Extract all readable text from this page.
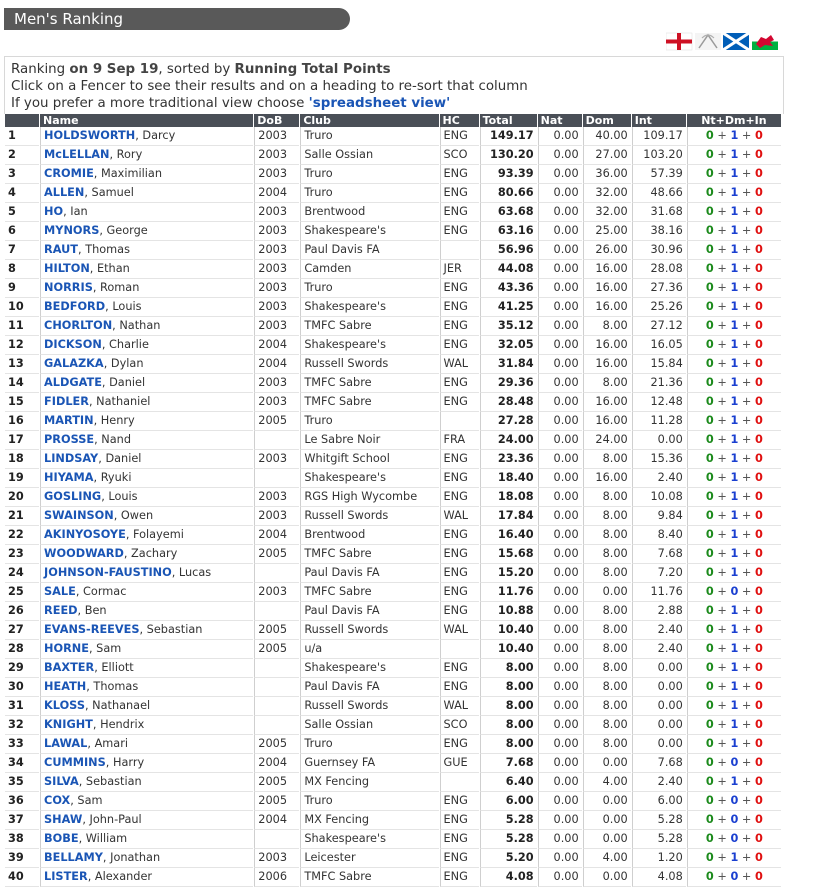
Men's Ranking
Ranking on 9 Sep 19, sorted by Running Total Points
Click on a Fencer to see their results and on a heading to re-sort that column
If you prefer a more traditional view choose 'spreadsheet view'
	Name	DoB	Club	HC	Total	Nat	Dom	Int	Nt+Dm+In
1	HOLDSWORTH, Darcy	2003	Truro	ENG	149.17	0.00	40.00	109.17	0 + 1 + 0
2	McLELLAN, Rory	2003	Salle Ossian	SCO	130.20	0.00	27.00	103.20	0 + 1 + 0
3	CROMIE, Maximilian	2003	Truro	ENG	93.39	0.00	36.00	57.39	0 + 1 + 0
4	ALLEN, Samuel	2004	Truro	ENG	80.66	0.00	32.00	48.66	0 + 1 + 0
5	HO, Ian	2003	Brentwood	ENG	63.68	0.00	32.00	31.68	0 + 1 + 0
6	MYNORS, George	2003	Shakespeare's	ENG	63.16	0.00	25.00	38.16	0 + 1 + 0
7	RAUT, Thomas	2003	Paul Davis FA		56.96	0.00	26.00	30.96	0 + 1 + 0
8	HILTON, Ethan	2003	Camden	JER	44.08	0.00	16.00	28.08	0 + 1 + 0
9	NORRIS, Roman	2003	Truro	ENG	43.36	0.00	16.00	27.36	0 + 1 + 0
10	BEDFORD, Louis	2003	Shakespeare's	ENG	41.25	0.00	16.00	25.26	0 + 1 + 0
11	CHORLTON, Nathan	2003	TMFC Sabre	ENG	35.12	0.00	8.00	27.12	0 + 1 + 0
12	DICKSON, Charlie	2004	Shakespeare's	ENG	32.05	0.00	16.00	16.05	0 + 1 + 0
13	GALAZKA, Dylan	2004	Russell Swords	WAL	31.84	0.00	16.00	15.84	0 + 1 + 0
14	ALDGATE, Daniel	2003	TMFC Sabre	ENG	29.36	0.00	8.00	21.36	0 + 1 + 0
15	FIDLER, Nathaniel	2003	TMFC Sabre	ENG	28.48	0.00	16.00	12.48	0 + 1 + 0
16	MARTIN, Henry	2005	Truro		27.28	0.00	16.00	11.28	0 + 1 + 0
17	PROSSE, Nand		Le Sabre Noir	FRA	24.00	0.00	24.00	0.00	0 + 1 + 0
18	LINDSAY, Daniel	2003	Whitgift School	ENG	23.36	0.00	8.00	15.36	0 + 1 + 0
19	HIYAMA, Ryuki		Shakespeare's	ENG	18.40	0.00	16.00	2.40	0 + 1 + 0
20	GOSLING, Louis	2003	RGS High Wycombe	ENG	18.08	0.00	8.00	10.08	0 + 1 + 0
21	SWAINSON, Owen	2003	Russell Swords	WAL	17.84	0.00	8.00	9.84	0 + 1 + 0
22	AKINYOSOYE, Folayemi	2004	Brentwood	ENG	16.40	0.00	8.00	8.40	0 + 1 + 0
23	WOODWARD, Zachary	2005	TMFC Sabre	ENG	15.68	0.00	8.00	7.68	0 + 1 + 0
24	JOHNSON-FAUSTINO, Lucas		Paul Davis FA	ENG	15.20	0.00	8.00	7.20	0 + 1 + 0
25	SALE, Cormac	2003	TMFC Sabre	ENG	11.76	0.00	0.00	11.76	0 + 0 + 0
26	REED, Ben		Paul Davis FA	ENG	10.88	0.00	8.00	2.88	0 + 1 + 0
27	EVANS-REEVES, Sebastian	2005	Russell Swords	WAL	10.40	0.00	8.00	2.40	0 + 1 + 0
28	HORNE, Sam	2005	u/a		10.40	0.00	8.00	2.40	0 + 1 + 0
29	BAXTER, Elliott		Shakespeare's	ENG	8.00	0.00	8.00	0.00	0 + 1 + 0
30	HEATH, Thomas		Paul Davis FA	ENG	8.00	0.00	8.00	0.00	0 + 1 + 0
31	KLOSS, Nathanael		Russell Swords	WAL	8.00	0.00	8.00	0.00	0 + 1 + 0
32	KNIGHT, Hendrix		Salle Ossian	SCO	8.00	0.00	8.00	0.00	0 + 1 + 0
33	LAWAL, Amari	2005	Truro	ENG	8.00	0.00	8.00	0.00	0 + 1 + 0
34	CUMMINS, Harry	2004	Guernsey FA	GUE	7.68	0.00	0.00	7.68	0 + 0 + 0
35	SILVA, Sebastian	2005	MX Fencing		6.40	0.00	4.00	2.40	0 + 1 + 0
36	COX, Sam	2005	Truro	ENG	6.00	0.00	0.00	6.00	0 + 0 + 0
37	SHAW, John-Paul	2004	MX Fencing	ENG	5.28	0.00	0.00	5.28	0 + 0 + 0
38	BOBE, William		Shakespeare's	ENG	5.28	0.00	0.00	5.28	0 + 0 + 0
39	BELLAMY, Jonathan	2003	Leicester	ENG	5.20	0.00	4.00	1.20	0 + 1 + 0
40	LISTER, Alexander	2006	TMFC Sabre	ENG	4.08	0.00	0.00	4.08	0 + 0 + 0
